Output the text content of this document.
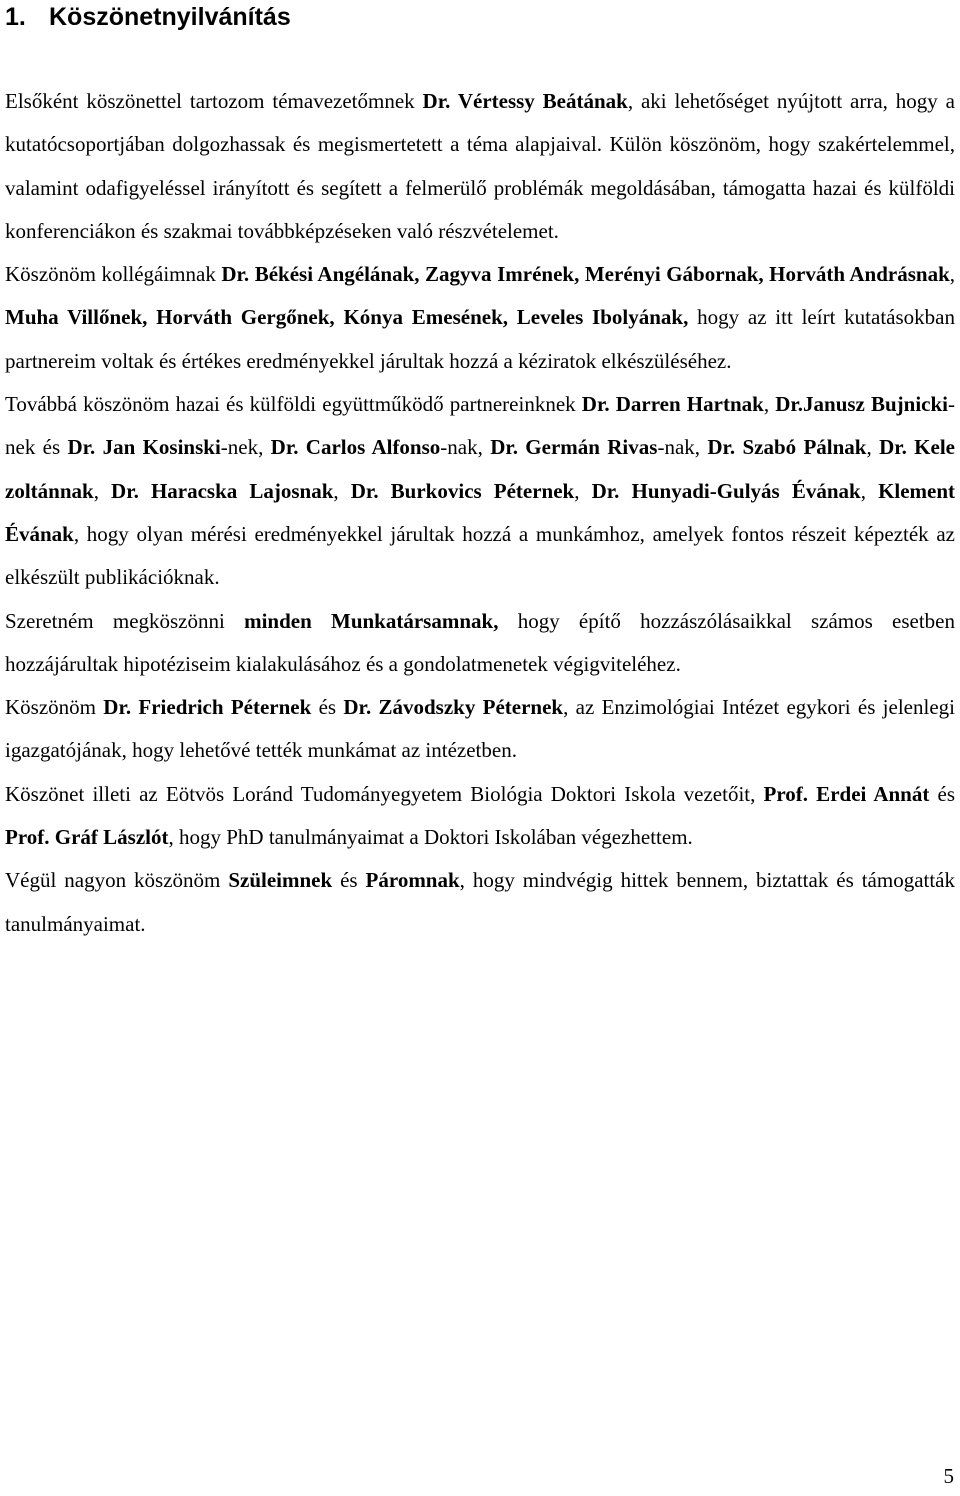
1. Köszönetnyilvánítás

Elsőként köszönettel tartozom témavezetőmnek Dr. Vértessy Beátának, aki lehetőséget nyújtott arra, hogy a kutatócsoportjában dolgozhassak és megismertetett a téma alapjaival. Külön köszönöm, hogy szakértelemmel, valamint odafigyeléssel irányított és segített a felmerülő problémák megoldásában, támogatta hazai és külföldi konferenciákon és szakmai továbbképzéseken való részvételemet.

Köszönöm kollégáimnak Dr. Békési Angélának, Zagyva Imrének, Merényi Gábornak, Horváth Andrásnak, Muha Villőnek, Horváth Gergőnek, Kónya Emesének, Leveles Ibolyának, hogy az itt leírt kutatásokban partnereim voltak és értékes eredményekkel járultak hozzá a kéziratok elkészüléséhez.

Továbbá köszönöm hazai és külföldi együttműködő partnereinknek Dr. Darren Hartnak, Dr.Janusz Bujnicki-nek és Dr. Jan Kosinski-nek, Dr. Carlos Alfonso-nak, Dr. Germán Rivas-nak, Dr. Szabó Pálnak, Dr. Kele zoltánnak, Dr. Haracska Lajosnak, Dr. Burkovics Péternek, Dr. Hunyadi-Gulyás Évának, Klement Évának, hogy olyan mérési eredményekkel járultak hozzá a munkámhoz, amelyek fontos részeit képezték az elkészült publikációknak.

Szeretném megköszönni minden Munkatársamnak, hogy építő hozzászólásaikkal számos esetben hozzájárultak hipotéziseim kialakulásához és a gondolatmenetek végigviteléhez.

Köszönöm Dr. Friedrich Péternek és Dr. Závodszky Péternek, az Enzimológiai Intézet egykori és jelenlegi igazgatójának, hogy lehetővé tették munkámat az intézetben.

Köszönet illeti az Eötvös Loránd Tudományegyetem Biológia Doktori Iskola vezetőit, Prof. Erdei Annát és Prof. Gráf Lászlót, hogy PhD tanulmányaimat a Doktori Iskolában végezhettem.

Végül nagyon köszönöm Szüleimnek és Páromnak, hogy mindvégig hittek bennem, biztattak és támogatták tanulmányaimat.

5
